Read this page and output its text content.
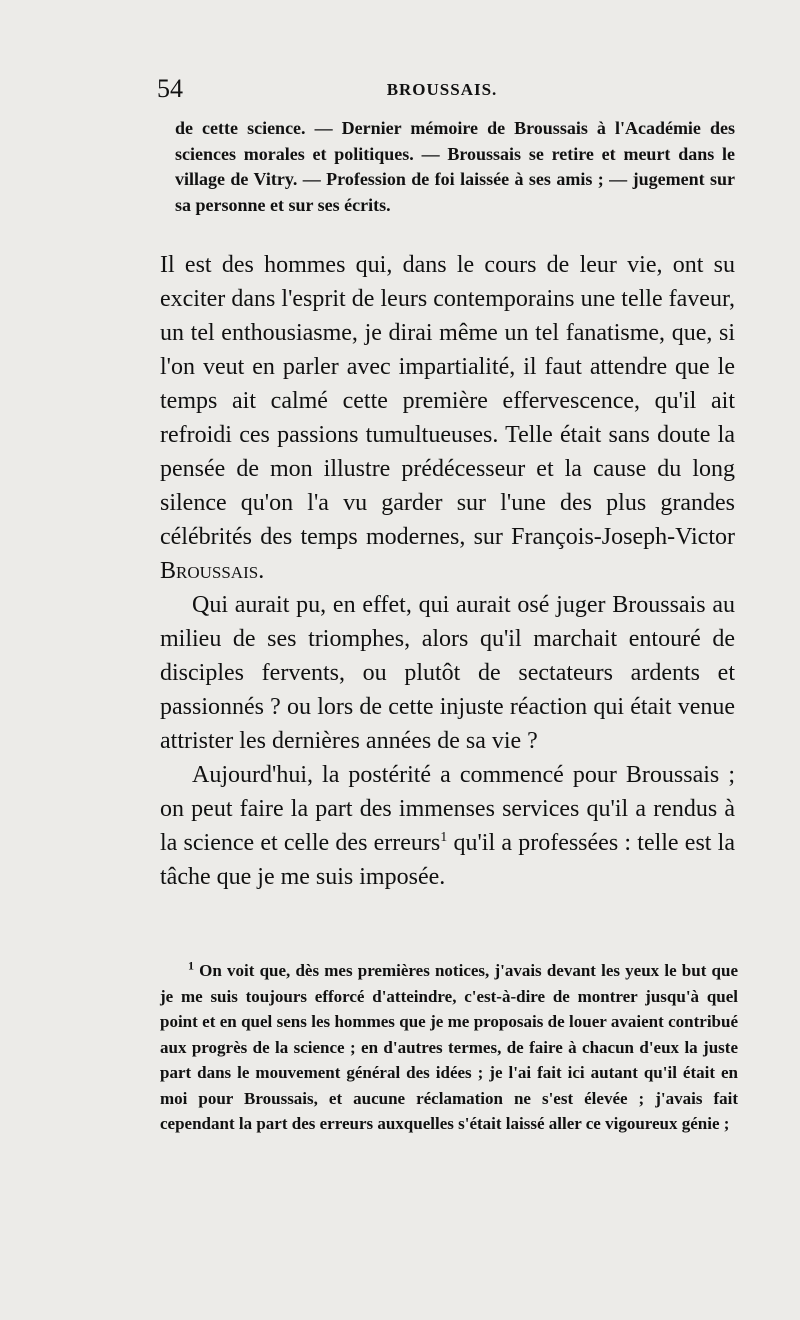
54	BROUSSAIS.
de cette science. — Dernier mémoire de Broussais à l'Académie des sciences morales et politiques. — Broussais se retire et meurt dans le village de Vitry. — Profession de foi laissée à ses amis ; — jugement sur sa personne et sur ses écrits.

Il est des hommes qui, dans le cours de leur vie, ont su exciter dans l'esprit de leurs contemporains une telle faveur, un tel enthousiasme, je dirai même un tel fanatisme, que, si l'on veut en parler avec impartialité, il faut attendre que le temps ait calmé cette première effervescence, qu'il ait refroidi ces passions tumultueuses. Telle était sans doute la pensée de mon illustre prédécesseur et la cause du long silence qu'on l'a vu garder sur l'une des plus grandes célébrités des temps modernes, sur François-Joseph-Victor Broussais.

Qui aurait pu, en effet, qui aurait osé juger Broussais au milieu de ses triomphes, alors qu'il marchait entouré de disciples fervents, ou plutôt de sectateurs ardents et passionnés ? ou lors de cette injuste réaction qui était venue attrister les dernières années de sa vie ?

Aujourd'hui, la postérité a commencé pour Broussais ; on peut faire la part des immenses services qu'il a rendus à la science et celle des erreurs$^1$ qu'il a professées : telle est la tâche que je me suis imposée.

$^1$ On voit que, dès mes premières notices, j'avais devant les yeux le but que je me suis toujours efforcé d'atteindre, c'est-à-dire de montrer jusqu'à quel point et en quel sens les hommes que je me proposais de louer avaient contribué aux progrès de la science ; en d'autres termes, de faire à chacun d'eux la juste part dans le mouvement général des idées ; je l'ai fait ici autant qu'il était en moi pour Broussais, et aucune réclamation ne s'est élevée ; j'avais fait cependant la part des erreurs auxquelles s'était laissé aller ce vigoureux génie ;
